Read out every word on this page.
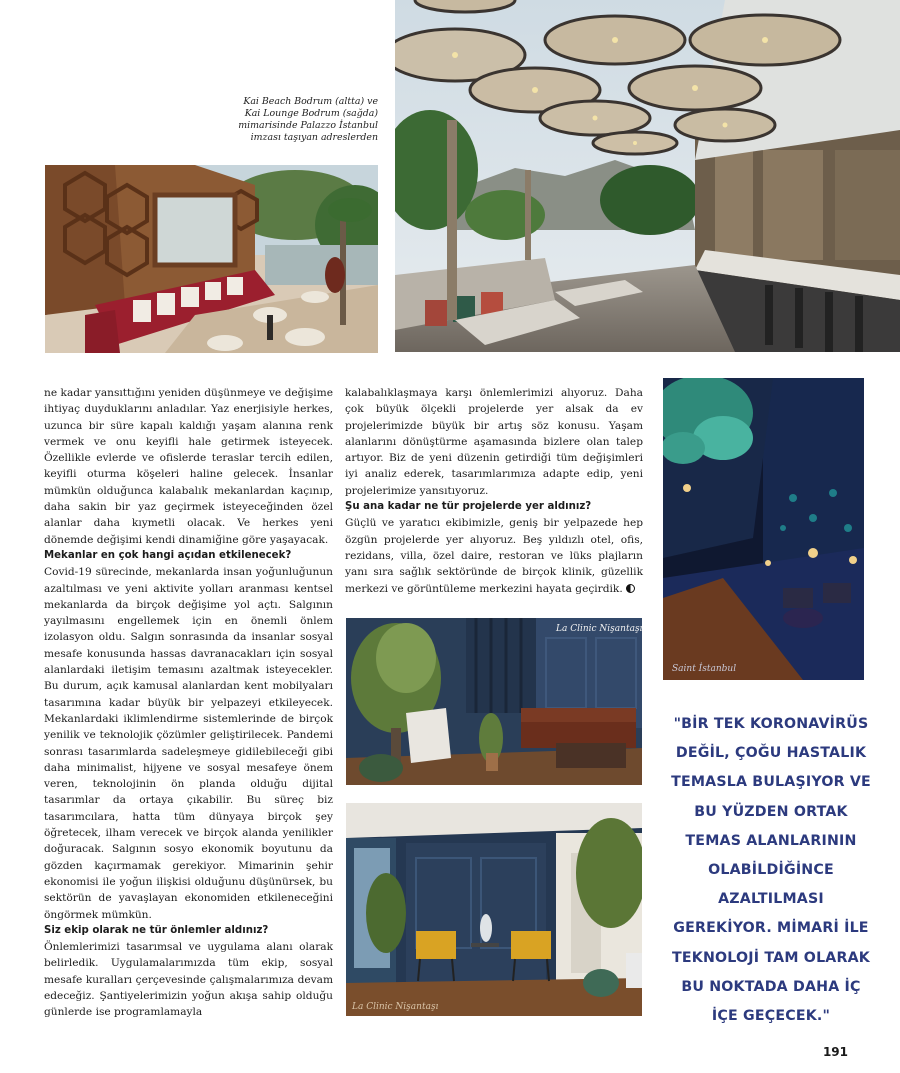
Kai Beach Bodrum (altta) ve Kai Lounge Bodrum (sağda) mimarisinde Palazzo İstanbul imzası taşıyan adreslerden

ne kadar yansıttığını yeniden düşünmeye ve değişime ihtiyaç duyduklarını anladılar. Yaz enerjisiyle herkes, uzunca bir süre kapalı kaldığı yaşam alanına renk vermek ve onu keyifli hale getirmek isteyecek. Özellikle evlerde ve ofislerde teraslar tercih edilen, keyifli oturma köşeleri haline gelecek. İnsanlar mümkün olduğunca kalabalık mekanlardan kaçınıp, daha sakin bir yaz geçirmek isteyeceğinden özel alanlar daha kıymetli olacak. Ve herkes yeni dönemde değişimi kendi dinamiğine göre yaşayacak.

Mekanlar en çok hangi açıdan etkilenecek?

Covid-19 sürecinde, mekanlarda insan yoğunluğunun azaltılması ve yeni aktivite yolları aranması kentsel mekanlarda da birçok değişime yol açtı. Salgının yayılmasını engellemek için en önemli önlem izolasyon oldu. Salgın sonrasında da insanlar sosyal mesafe konusunda hassas davranacakları için sosyal alanlardaki iletişim temasını azaltmak isteyecekler. Bu durum, açık kamusal alanlardan kent mobilyaları tasarımına kadar büyük bir yelpazeyi etkileyecek. Mekanlardaki iklimlendirme sistemlerinde de birçok yenilik ve teknolojik çözümler geliştirilecek. Pandemi sonrası tasarımlarda sadeleşmeye gidilebileceği gibi daha minimalist, hijyene ve sosyal mesafeye önem veren, teknolojinin ön planda olduğu dijital tasarımlar da ortaya çıkabilir. Bu süreç biz tasarımcılara, hatta tüm dünyaya birçok şey öğretecek, ilham verecek ve birçok alanda yenilikler doğuracak. Salgının sosyo ekonomik boyutunu da gözden kaçırmamak gerekiyor. Mimarinin şehir ekonomisi ile yoğun ilişkisi olduğunu düşünürsek, bu sektörün de yavaşlayan ekonomiden etkileneceğini öngörmek mümkün.

Siz ekip olarak ne tür önlemler aldınız?

Önlemlerimizi tasarımsal ve uygulama alanı olarak belirledik. Uygulamalarımızda tüm ekip, sosyal mesafe kuralları çerçevesinde çalışmalarımıza devam edeceğiz. Şantiyelerimizin yoğun akışa sahip olduğu günlerde ise programlamayla

kalabalıklaşmaya karşı önlemlerimizi alıyoruz. Daha çok büyük ölçekli projelerde yer alsak da ev projelerimizde büyük bir artış söz konusu. Yaşam alanlarını dönüştürme aşamasında bizlere olan talep artıyor. Biz de yeni düzenin getirdiği tüm değişimleri iyi analiz ederek, tasarımlarımıza adapte edip, yeni projelerimize yansıtıyoruz.

Şu ana kadar ne tür projelerde yer aldınız?

Güçlü ve yaratıcı ekibimizle, geniş bir yelpazede hep özgün projelerde yer alıyoruz. Beş yıldızlı otel, ofis, rezidans, villa, özel daire, restoran ve lüks plajların yanı sıra sağlık sektöründe de birçok klinik, güzellik merkezi ve görüntüleme merkezini hayata geçirdik.

La Clinic Nişantaşı
La Clinic Nişantaşı
Saint İstanbul
"BİR TEK KORONAVİRÜS DEĞİL, ÇOĞU HASTALIK TEMASLA BULAŞIYOR VE BU YÜZDEN ORTAK TEMAS ALANLARININ OLABİLDİĞİNCE AZALTILMASI GEREKİYOR. MİMARİ İLE TEKNOLOJİ TAM OLARAK BU NOKTADA DAHA İÇ İÇE GEÇECEK."
191
